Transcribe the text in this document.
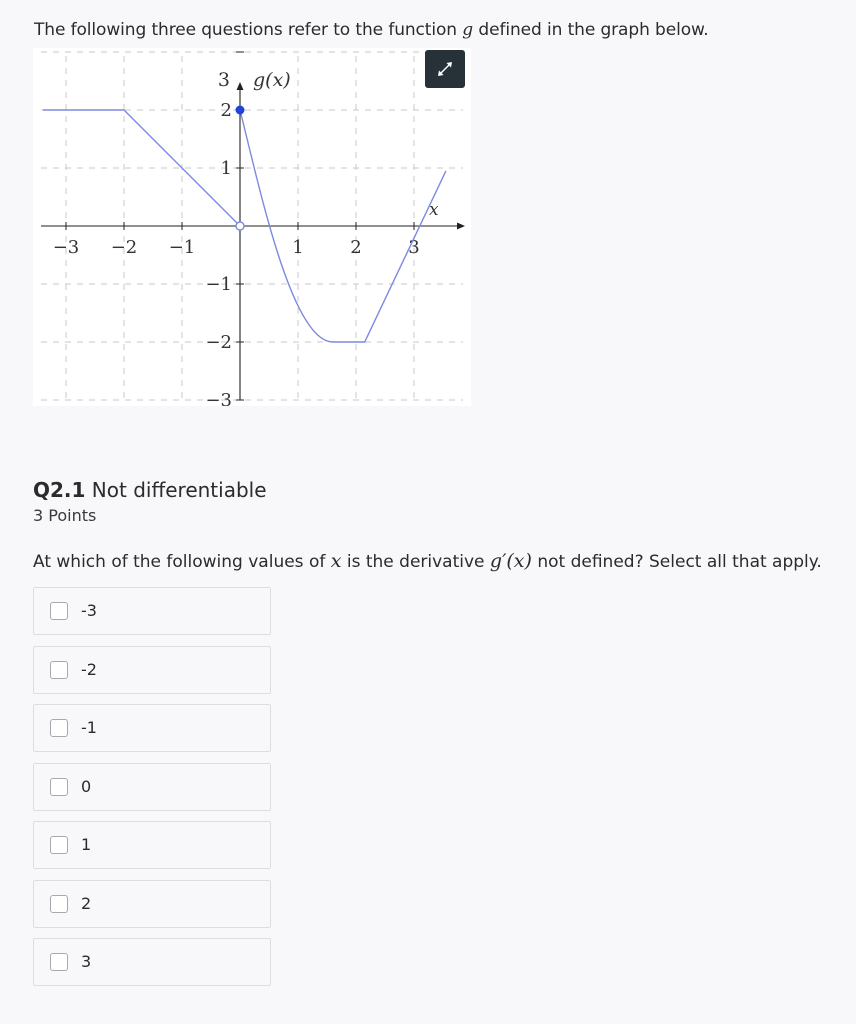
The following three questions refer to the function g defined in the graph below.
−3 −2 −1	1	2	3
2
1
−1
−2
−3
3 g(x)
x
Q2.1 Not differentiable
3 Points
At which of the following values of x is the derivative g′(x) not defined? Select all that apply.
-3
-2
-1
0
1
2
3
